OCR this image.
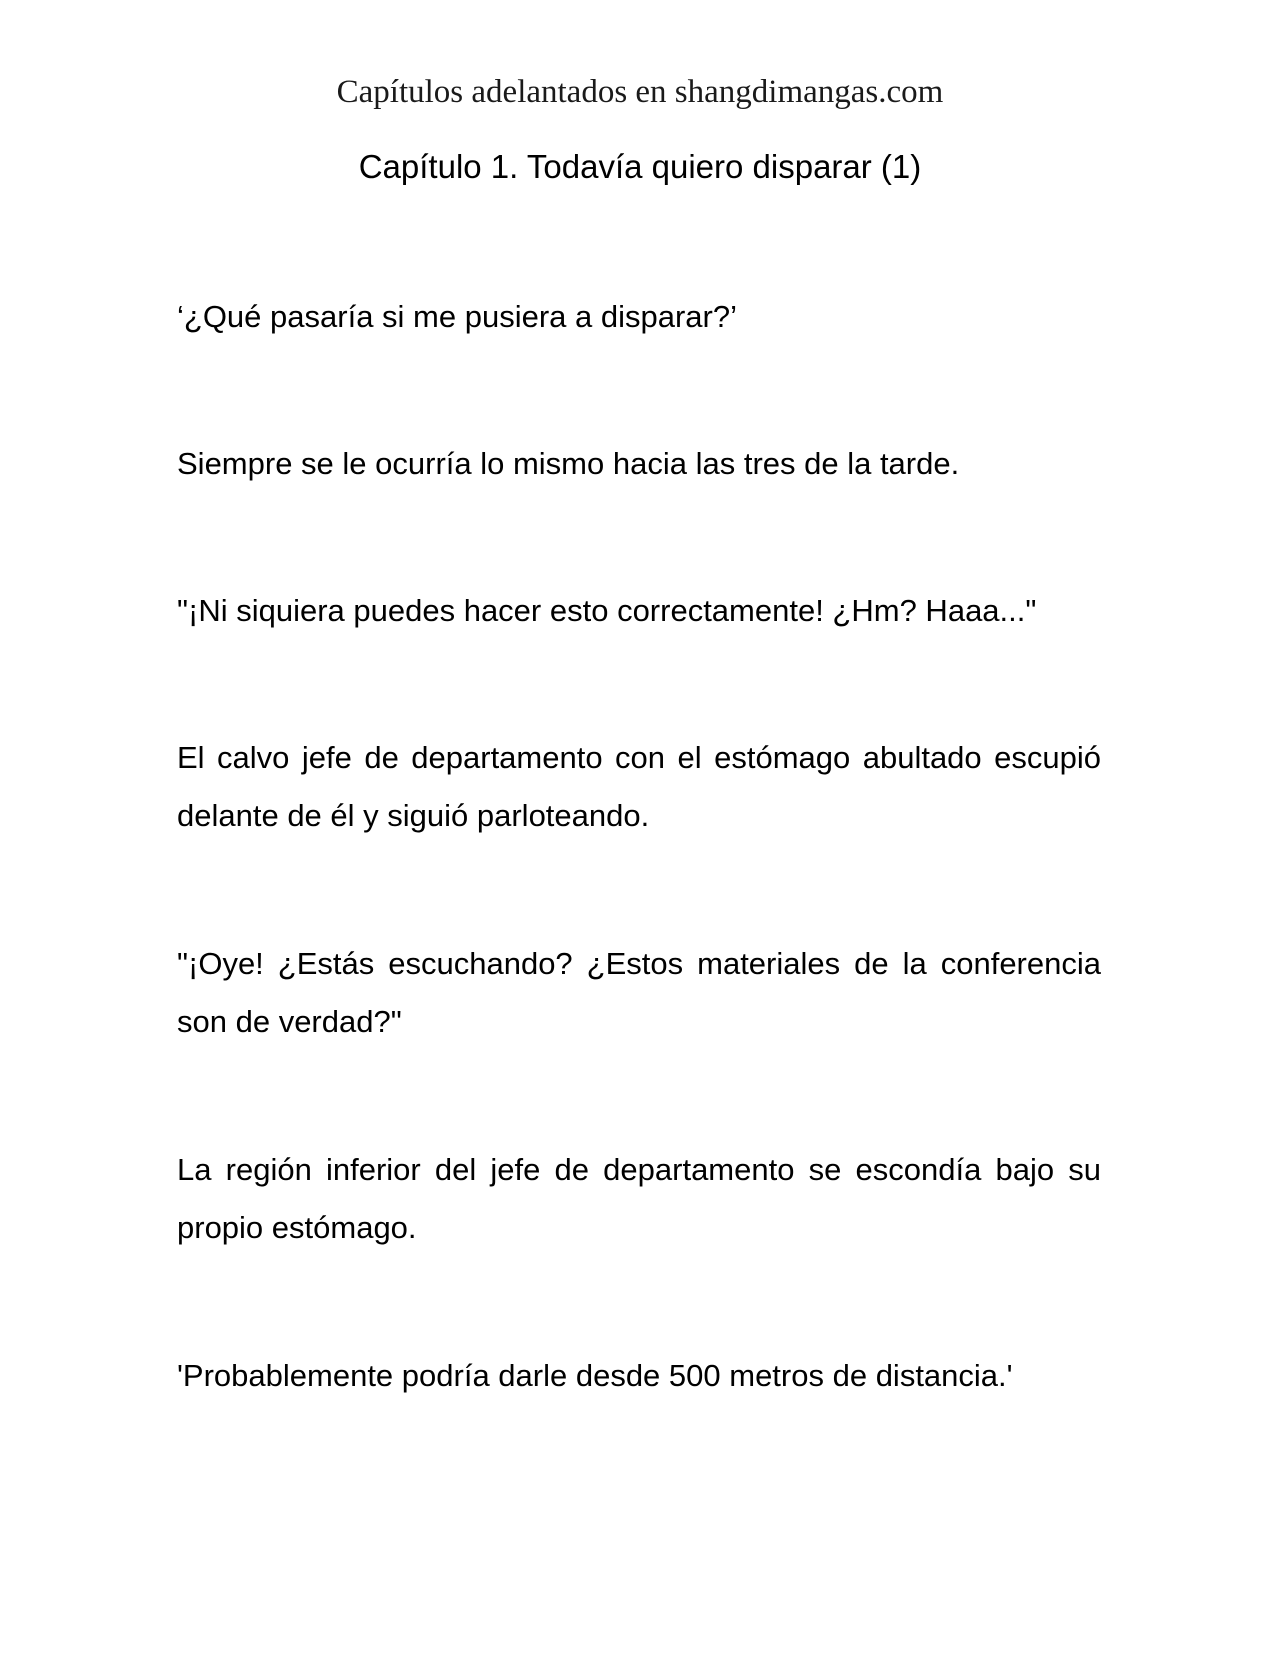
Capítulos adelantados en shangdimangas.com

Capítulo 1. Todavía quiero disparar (1)

‘¿Qué pasaría si me pusiera a disparar?’

Siempre se le ocurría lo mismo hacia las tres de la tarde.

"¡Ni siquiera puedes hacer esto correctamente! ¿Hm? Haaa..."

El calvo jefe de departamento con el estómago abultado escupió delante de él y siguió parloteando.

"¡Oye! ¿Estás escuchando? ¿Estos materiales de la conferencia son de verdad?"

La región inferior del jefe de departamento se escondía bajo su propio estómago.

'Probablemente podría darle desde 500 metros de distancia.'
